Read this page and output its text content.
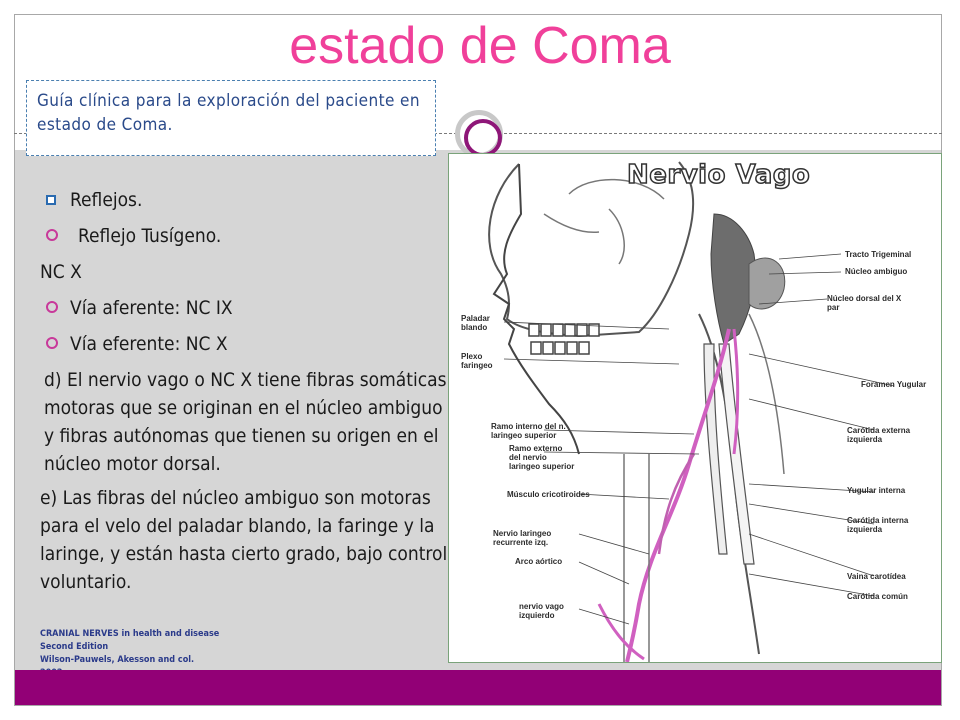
estado de Coma
Guía clínica para la exploración del paciente en estado de Coma.
Reflejos.
Reflejo Tusígeno.
NC X
Vía aferente: NC IX
Vía eferente: NC X
d) El nervio vago o NC X tiene fibras somáticas motoras que se originan en el núcleo ambiguo y fibras autónomas que tienen su origen en el núcleo motor dorsal.
e) Las fibras del núcleo ambiguo son motoras para el velo del paladar blando, la faringe y la laringe, y están hasta cierto grado, bajo control voluntario.
CRANIAL NERVES in health and disease
Second Edition
Wilson-Pauwels, Akesson and col.
Nervio Vago
Tracto Trigeminal
Núcleo ambiguo
Núcleo dorsal del X
par
Paladar
blando
Plexo
faringeo
Foramen Yugular
Ramo interno del n.
laringeo superior
Ramo externo
del nervio
laringeo superior
Carótida externa
izquierda
Músculo cricotiroides	Yugular interna
Carótida interna
izquierda
Nervio laringeo
recurrente izq.
Vaina carotídea
Arco aórtico
Carótida común
nervio vago
izquierdo
